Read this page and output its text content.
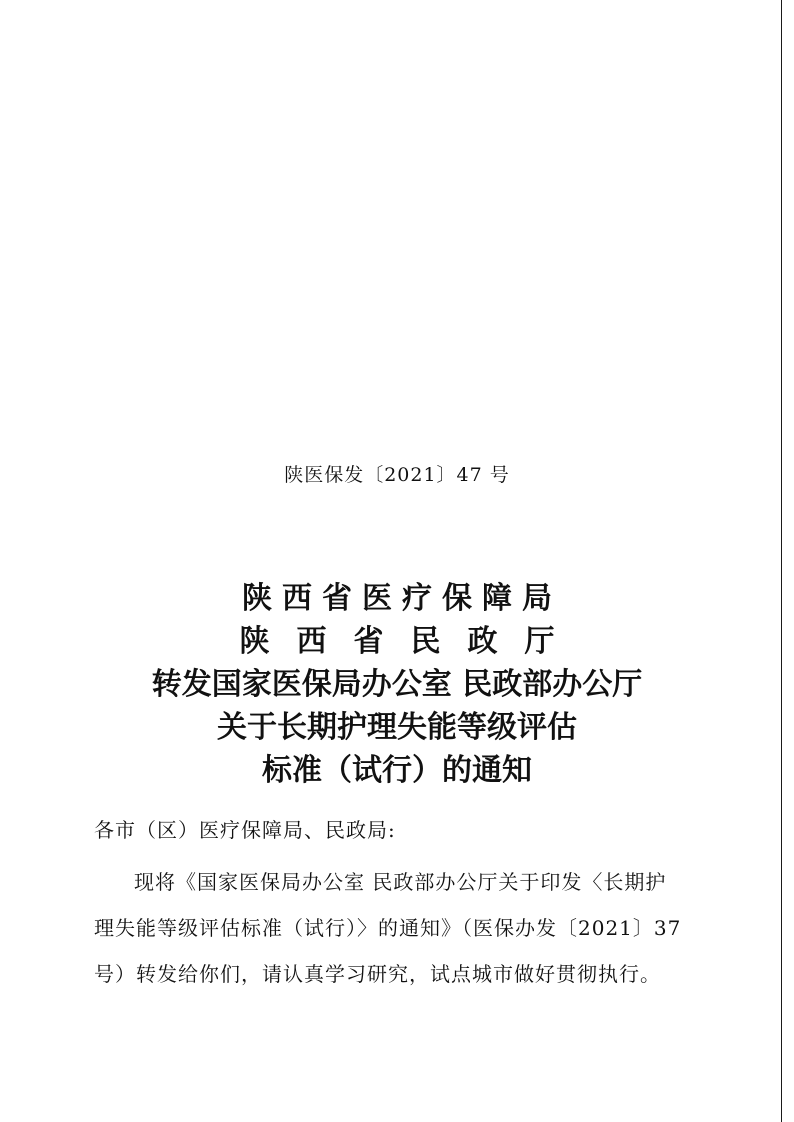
陕医保发〔2021〕47 号
陕西省医疗保障局
陕西省民政厅
转发国家医保局办公室 民政部办公厅
关于长期护理失能等级评估
标准（试行）的通知
各市（区）医疗保障局、民政局:
现将《国家医保局办公室 民政部办公厅关于印发〈长期护
理失能等级评估标准（试行）〉的通知》（医保办发〔2021〕37
号）转发给你们，请认真学习研究，试点城市做好贯彻执行。
